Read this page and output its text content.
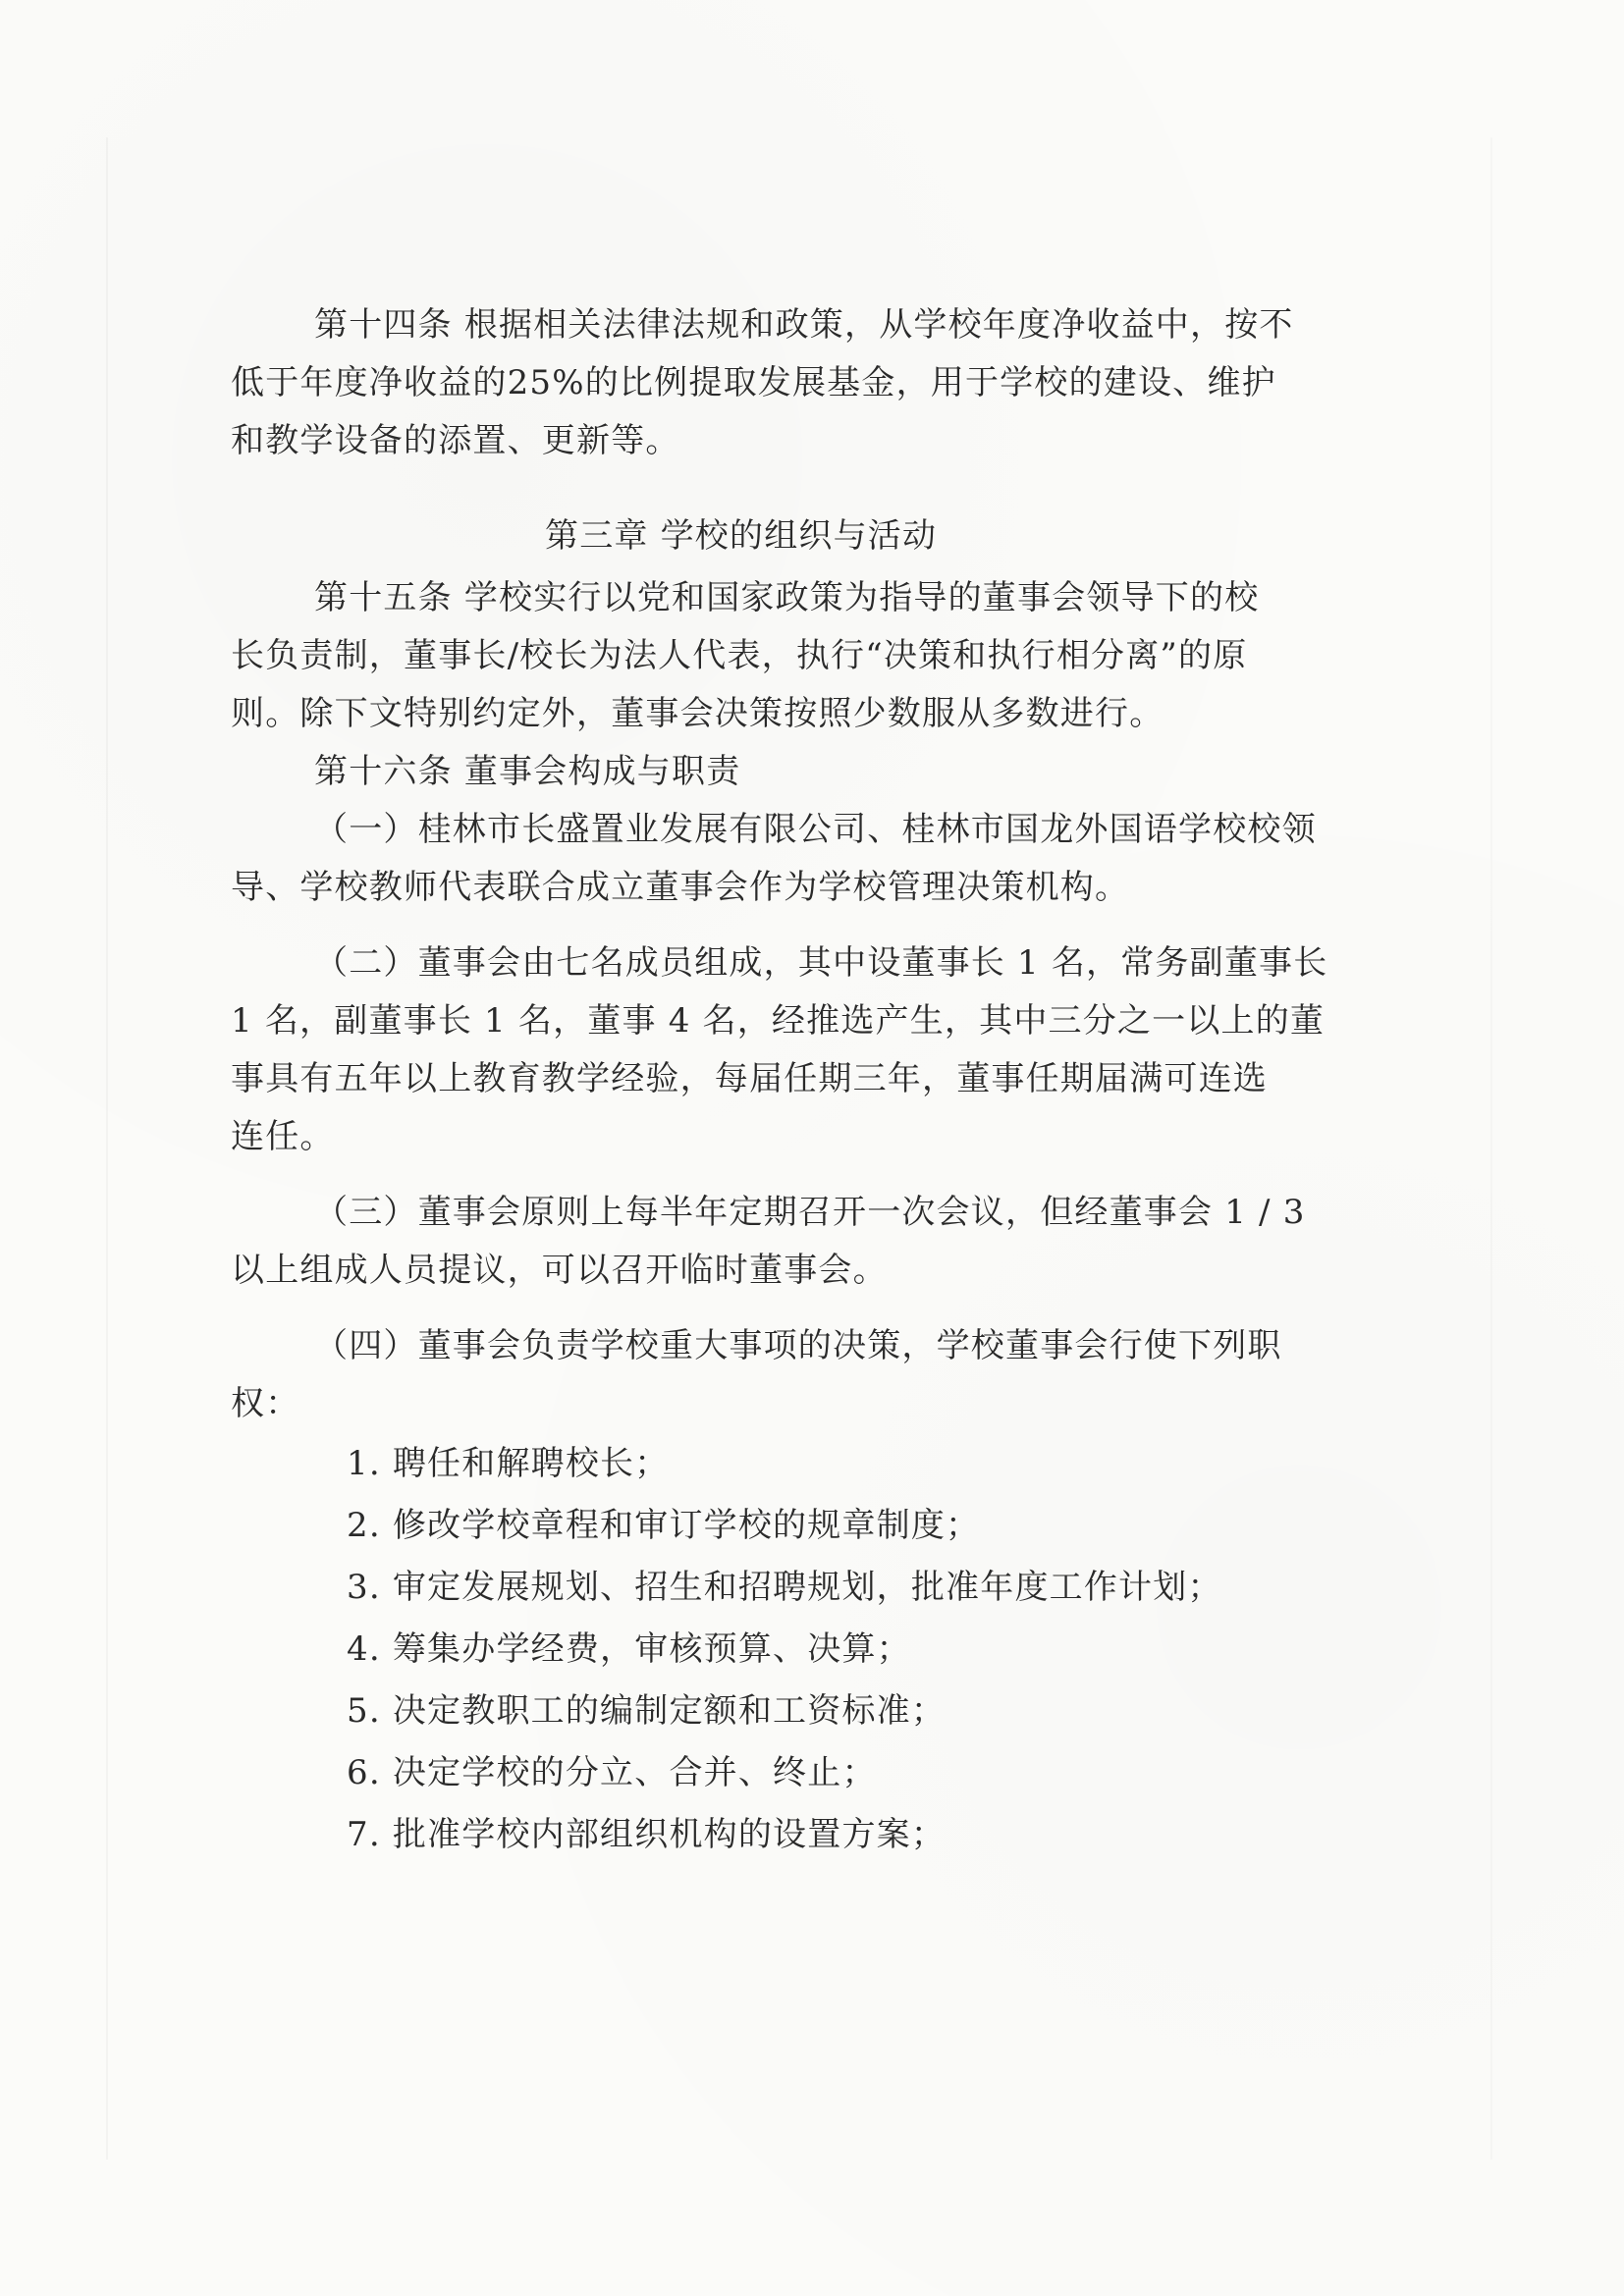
第十四条 根据相关法律法规和政策，从学校年度净收益中，按不
低于年度净收益的25%的比例提取发展基金，用于学校的建设、维护
和教学设备的添置、更新等。
第三章 学校的组织与活动
第十五条 学校实行以党和国家政策为指导的董事会领导下的校
长负责制，董事长/校长为法人代表，执行“决策和执行相分离”的原
则。除下文特别约定外，董事会决策按照少数服从多数进行。
第十六条 董事会构成与职责
（一）桂林市长盛置业发展有限公司、桂林市国龙外国语学校校领
导、学校教师代表联合成立董事会作为学校管理决策机构。
（二）董事会由七名成员组成，其中设董事长 1 名，常务副董事长
1 名，副董事长 1 名，董事 4 名，经推选产生，其中三分之一以上的董
事具有五年以上教育教学经验，每届任期三年，董事任期届满可连选
连任。
（三）董事会原则上每半年定期召开一次会议，但经董事会 1 / 3
以上组成人员提议，可以召开临时董事会。
（四）董事会负责学校重大事项的决策，学校董事会行使下列职
权：
1. 聘任和解聘校长；
2. 修改学校章程和审订学校的规章制度；
3. 审定发展规划、招生和招聘规划，批准年度工作计划；
4. 筹集办学经费，审核预算、决算；
5. 决定教职工的编制定额和工资标准；
6. 决定学校的分立、合并、终止；
7. 批准学校内部组织机构的设置方案；
